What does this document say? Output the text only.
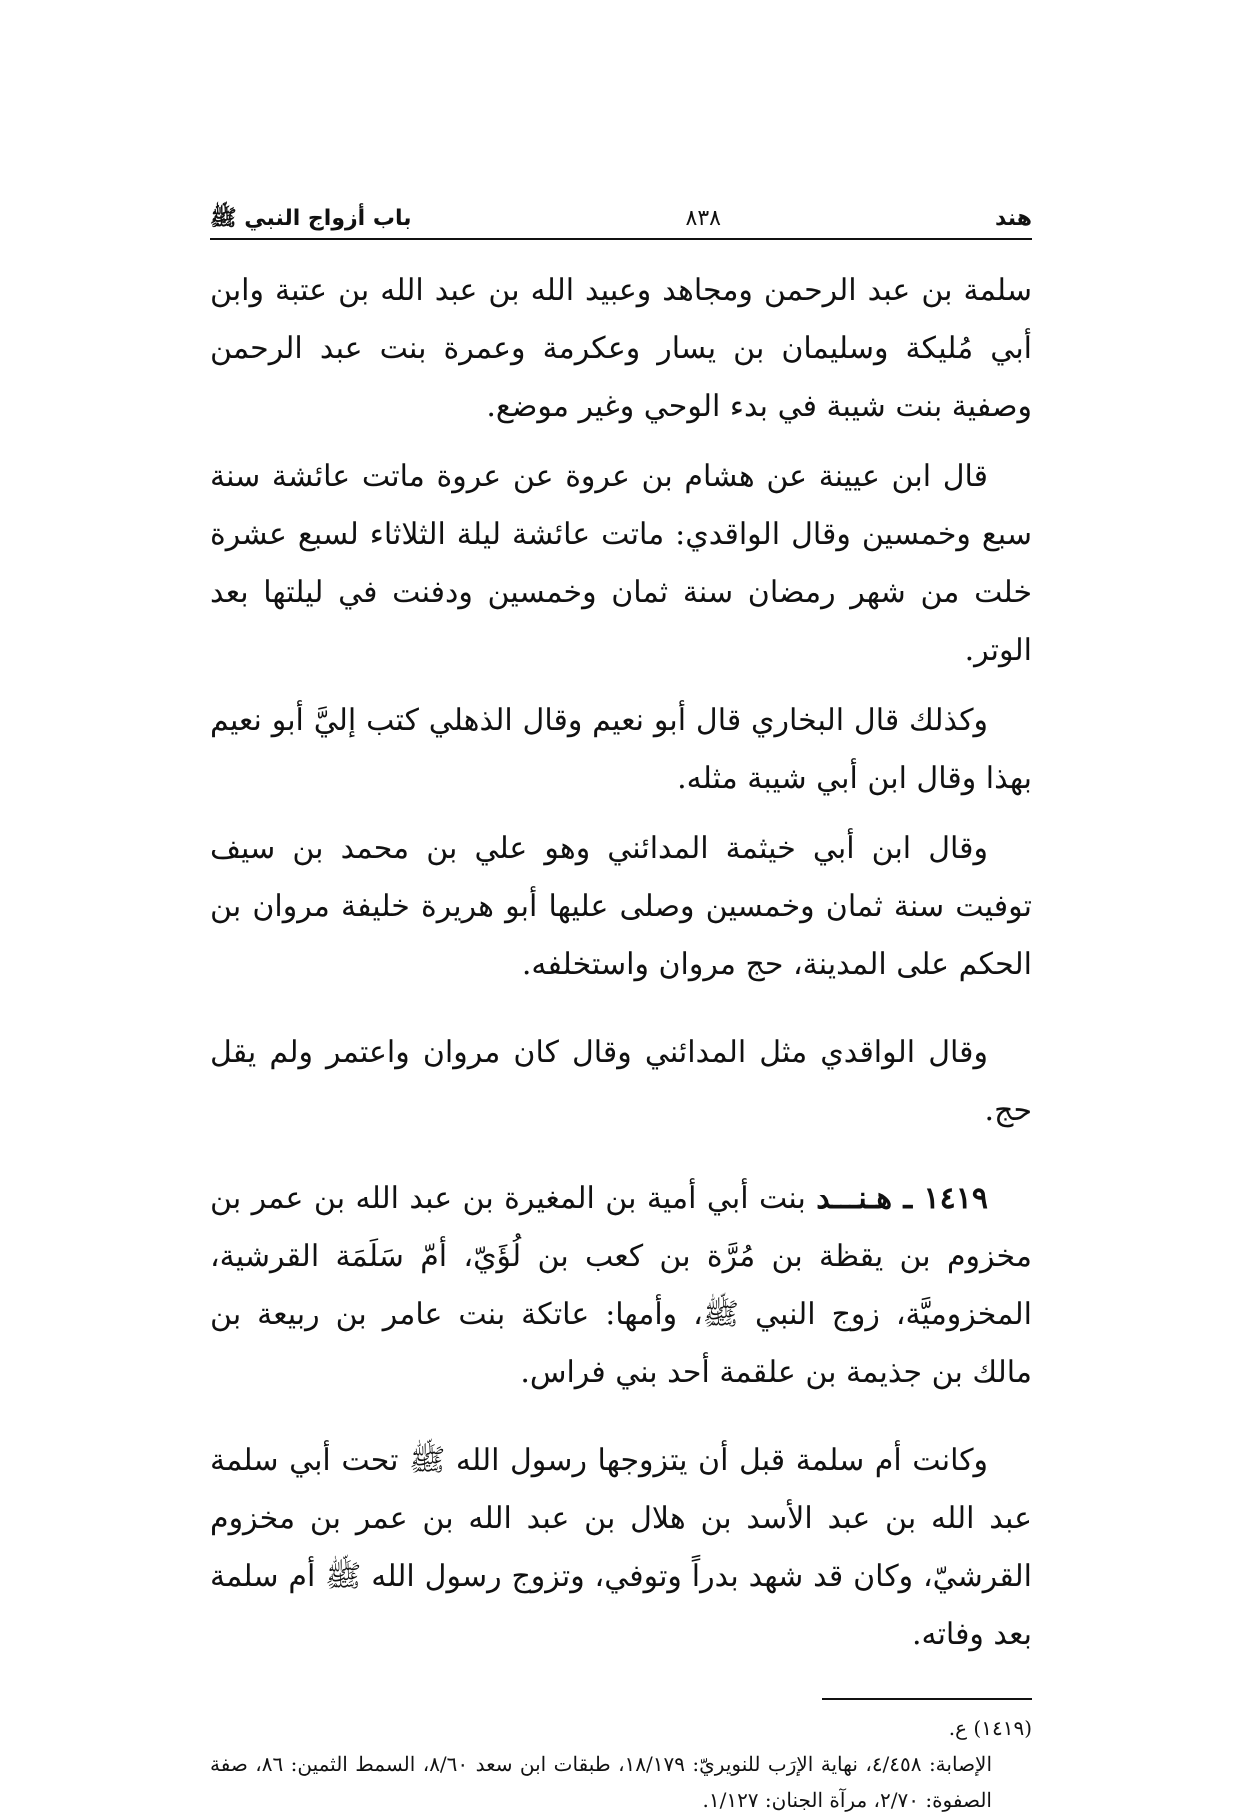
هند
٨٣٨
باب أزواج النبي ﷺ

سلمة بن عبد الرحمن ومجاهد وعبيد الله بن عبد الله بن عتبة وابن أبي مُليكة وسليمان بن يسار وعكرمة وعمرة بنت عبد الرحمن وصفية بنت شيبة في بدء الوحي وغير موضع.

قال ابن عيينة عن هشام بن عروة عن عروة ماتت عائشة سنة سبع وخمسين وقال الواقدي: ماتت عائشة ليلة الثلاثاء لسبع عشرة خلت من شهر رمضان سنة ثمان وخمسين ودفنت في ليلتها بعد الوتر.

وكذلك قال البخاري قال أبو نعيم وقال الذهلي كتب إليَّ أبو نعيم بهذا وقال ابن أبي شيبة مثله.

وقال ابن أبي خيثمة المدائني وهو علي بن محمد بن سيف توفيت سنة ثمان وخمسين وصلى عليها أبو هريرة خليفة مروان بن الحكم على المدينة، حج مروان واستخلفه.

وقال الواقدي مثل المدائني وقال كان مروان واعتمر ولم يقل حج.

١٤١٩ ـ هـنـــد بنت أبي أمية بن المغيرة بن عبد الله بن عمر بن مخزوم بن يقظة بن مُرَّة بن كعب بن لُؤَيّ، أمّ سَلَمَة القرشية، المخزوميَّة، زوج النبي ﷺ، وأمها: عاتكة بنت عامر بن ربيعة بن مالك بن جذيمة بن علقمة أحد بني فراس.

وكانت أم سلمة قبل أن يتزوجها رسول الله ﷺ تحت أبي سلمة عبد الله بن عبد الأسد بن هلال بن عبد الله بن عمر بن مخزوم القرشيّ، وكان قد شهد بدراً وتوفي، وتزوج رسول الله ﷺ أم سلمة بعد وفاته.

(١٤١٩) ع.

الإصابة: ٤/٤٥٨، نهاية الإرَب للنويريّ: ١٨/١٧٩، طبقات ابن سعد ٨/٦٠، السمط الثمين: ٨٦، صفة الصفوة: ٢/٧٠، مرآة الجنان: ١/١٢٧.
